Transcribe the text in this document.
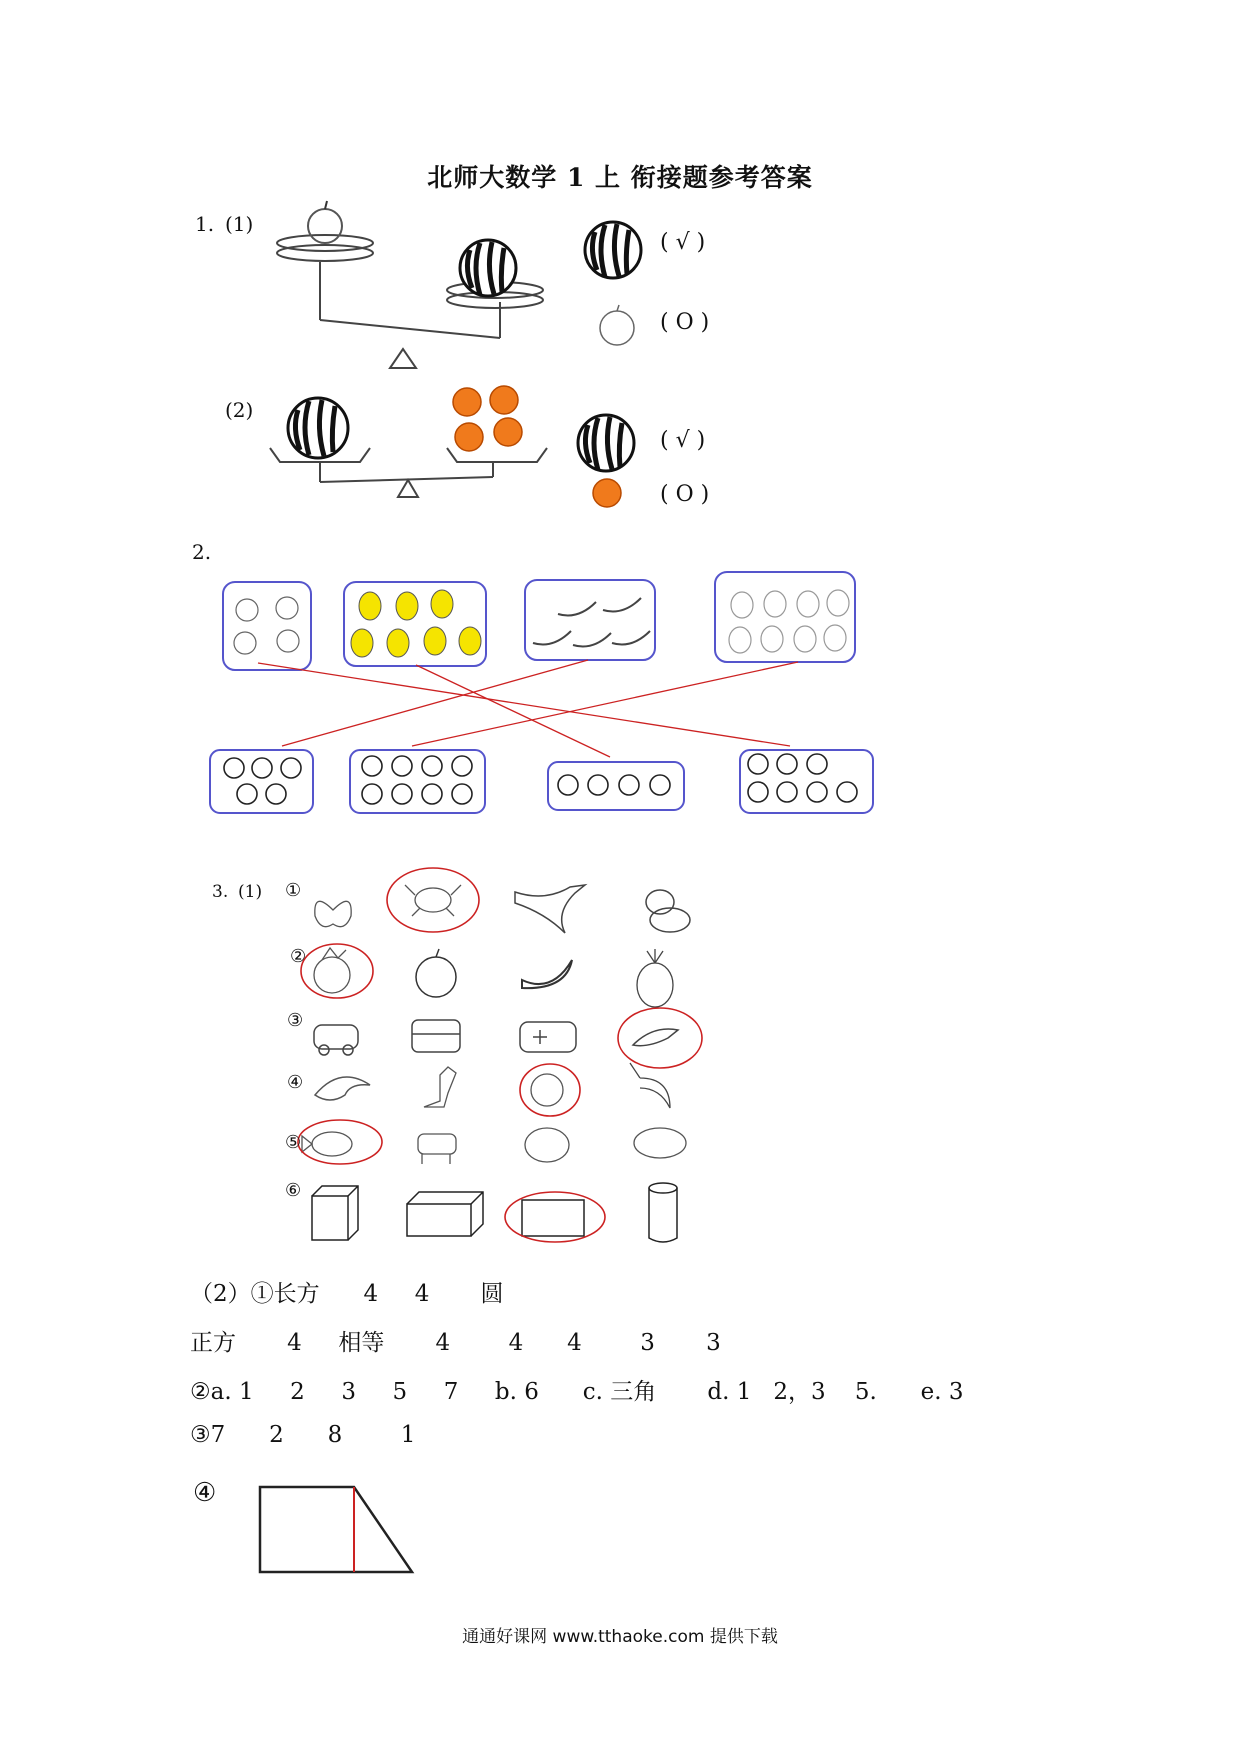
北师大数学 1 上 衔接题参考答案
1. (1)
(2)
( √ )
( O )
( √ )
( O )
2.
3. (1) ①
②
③
④
⑤
⑥
（2）①长方      4     4       圆
正方       4     相等       4        4      4        3       3
②a. 1     2     3     5     7     b. 6      c. 三角       d. 1   2，3    5.      e. 3
③7      2      8        1
④
通通好课网 www.tthaoke.com 提供下载
